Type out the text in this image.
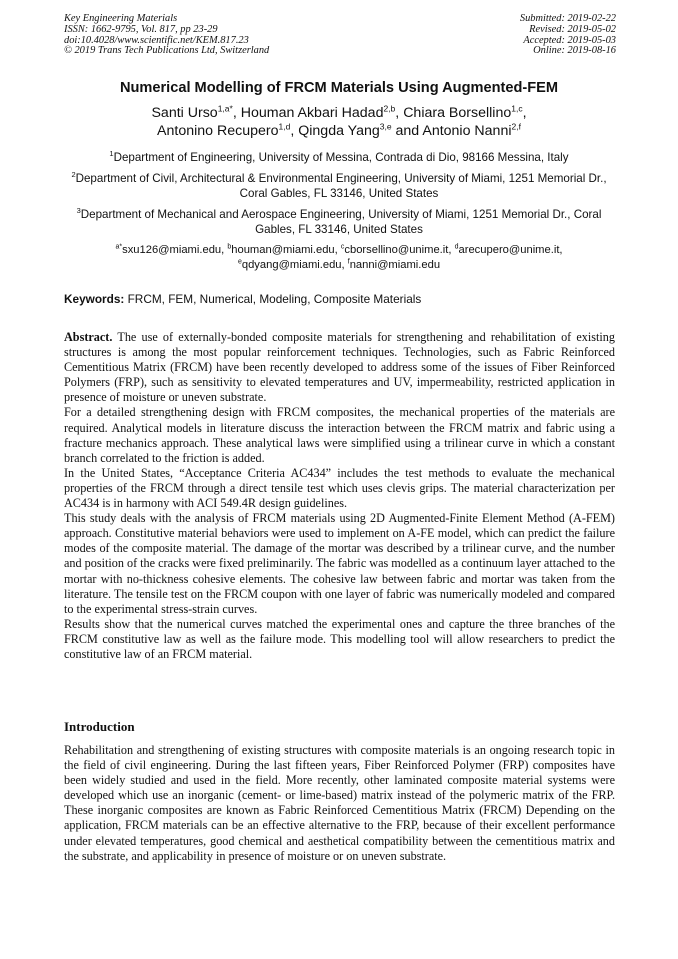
Key Engineering Materials
ISSN: 1662-9795, Vol. 817, pp 23-29
doi:10.4028/www.scientific.net/KEM.817.23
© 2019 Trans Tech Publications Ltd, Switzerland
Submitted: 2019-02-22
Revised: 2019-05-02
Accepted: 2019-05-03
Online: 2019-08-16
Numerical Modelling of FRCM Materials Using Augmented-FEM
Santi Urso$^{1,a*}$, Houman Akbari Hadad$^{2,b}$, Chiara Borsellino$^{1,c}$,
Antonino Recupero$^{1,d}$, Qingda Yang$^{3,e}$ and Antonio Nanni$^{2,f}$
$^1$Department of Engineering, University of Messina, Contrada di Dio, 98166 Messina, Italy
$^2$Department of Civil, Architectural & Environmental Engineering, University of Miami, 1251 Memorial Dr., Coral Gables, FL 33146, United States
$^3$Department of Mechanical and Aerospace Engineering, University of Miami, 1251 Memorial Dr., Coral Gables, FL 33146, United States
$^{a*}$sxu126@miami.edu, $^b$houman@miami.edu, $^c$cborsellino@unime.it, $^d$arecupero@unime.it,
$^e$qdyang@miami.edu, $^f$nanni@miami.edu
Keywords: FRCM, FEM, Numerical, Modeling, Composite Materials

Abstract. The use of externally-bonded composite materials for strengthening and rehabilitation of existing structures is among the most popular reinforcement techniques. Technologies, such as Fabric Reinforced Cementitious Matrix (FRCM) have been recently developed to address some of the issues of Fiber Reinforced Polymers (FRP), such as sensitivity to elevated temperatures and UV, impermeability, restricted application in presence of moisture or uneven substrate.

For a detailed strengthening design with FRCM composites, the mechanical properties of the materials are required. Analytical models in literature discuss the interaction between the FRCM matrix and fabric using a fracture mechanics approach. These analytical laws were simplified using a trilinear curve in which a constant branch correlated to the friction is added.

In the United States, “Acceptance Criteria AC434” includes the test methods to evaluate the mechanical properties of the FRCM through a direct tensile test which uses clevis grips. The material characterization per AC434 is in harmony with ACI 549.4R design guidelines.

This study deals with the analysis of FRCM materials using 2D Augmented-Finite Element Method (A-FEM) approach. Constitutive material behaviors were used to implement on A-FE model, which can predict the failure modes of the composite material. The damage of the mortar was described by a trilinear curve, and the number and position of the cracks were fixed preliminarily. The fabric was modelled as a continuum layer attached to the mortar with no-thickness cohesive elements. The cohesive law between fabric and mortar was taken from the literature. The tensile test on the FRCM coupon with one layer of fabric was numerically modeled and compared to the experimental stress-strain curves.

Results show that the numerical curves matched the experimental ones and capture the three branches of the FRCM constitutive law as well as the failure mode. This modelling tool will allow researchers to predict the constitutive law of an FRCM material.

Introduction

Rehabilitation and strengthening of existing structures with composite materials is an ongoing research topic in the field of civil engineering. During the last fifteen years, Fiber Reinforced Polymer (FRP) composites have been widely studied and used in the field. More recently, other laminated composite material systems were developed which use an inorganic (cement- or lime-based) matrix instead of the polymeric matrix of the FRP. These inorganic composites are known as Fabric Reinforced Cementitious Matrix (FRCM) Depending on the application, FRCM materials can be an effective alternative to the FRP, because of their excellent performance under elevated temperatures, good chemical and aesthetical compatibility between the cementitious matrix and the substrate, and applicability in presence of moisture or on uneven substrate.
